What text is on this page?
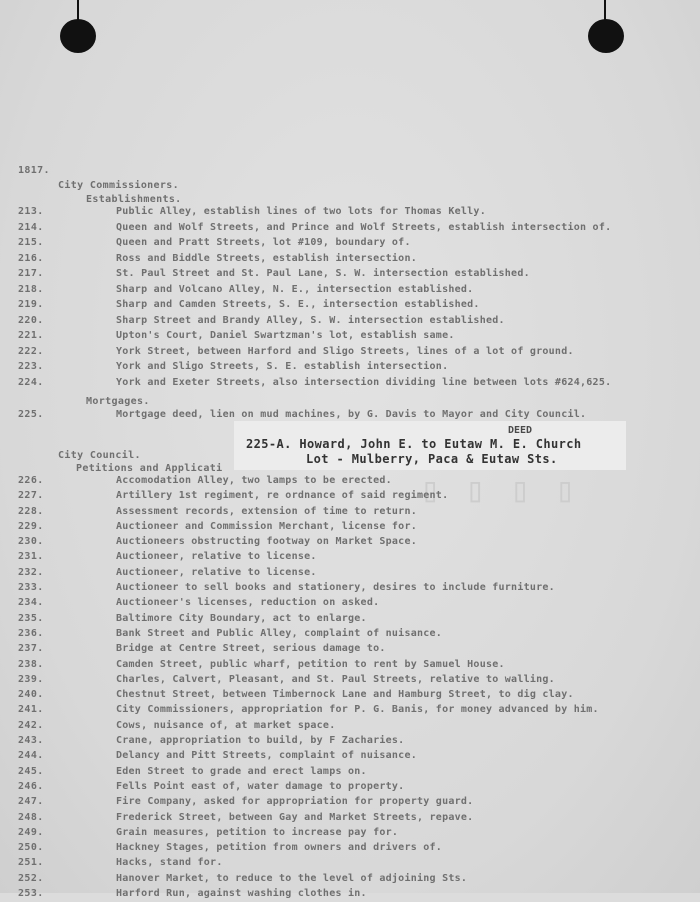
▯ ▯ ▯ ▯
1817.
City Commissioners.
Establishments.
213.	Public Alley, establish lines of two lots for Thomas Kelly.
214.	Queen and Wolf Streets, and Prince and Wolf Streets, establish intersection of.
215.	Queen and Pratt Streets, lot #109, boundary of.
216.	Ross and Biddle Streets, establish intersection.
217.	St. Paul Street and St. Paul Lane, S. W. intersection established.
218.	Sharp and Volcano Alley, N. E., intersection established.
219.	Sharp and Camden Streets, S. E., intersection established.
220.	Sharp Street and Brandy Alley, S. W. intersection established.
221.	Upton's Court, Daniel Swartzman's lot, establish same.
222.	York Street, between Harford and Sligo Streets, lines of a lot of ground.
223.	York and Sligo Streets, S. E. establish intersection.
224.	York and Exeter Streets, also intersection dividing line between lots #624,625.
Mortgages.
225.	Mortgage deed, lien on mud machines, by G. Davis to Mayor and City Council.
City Council.
Petitions and Applicati
DEED
225-A. Howard, John E. to Eutaw M. E. Church
Lot - Mulberry, Paca & Eutaw Sts.
226.	Accomodation Alley, two lamps to be erected.
227.	Artillery 1st regiment, re ordnance of said regiment.
228.	Assessment records, extension of time to return.
229.	Auctioneer and Commission Merchant, license for.
230.	Auctioneers obstructing footway on Market Space.
231.	Auctioneer, relative to license.
232.	Auctioneer, relative to license.
233.	Auctioneer to sell books and stationery, desires to include furniture.
234.	Auctioneer's licenses, reduction on asked.
235.	Baltimore City Boundary, act to enlarge.
236.	Bank Street and Public Alley, complaint of nuisance.
237.	Bridge at Centre Street, serious damage to.
238.	Camden Street, public wharf, petition to rent by Samuel House.
239.	Charles, Calvert, Pleasant, and St. Paul Streets, relative to walling.
240.	Chestnut Street, between Timbernock Lane and Hamburg Street, to dig clay.
241.	City Commissioners, appropriation for P. G. Banis, for money advanced by him.
242.	Cows, nuisance of, at market space.
243.	Crane, appropriation to build, by F Zacharies.
244.	Delancy and Pitt Streets, complaint of nuisance.
245.	Eden Street to grade and erect lamps on.
246.	Fells Point east of, water damage to property.
247.	Fire Company, asked for appropriation for property guard.
248.	Frederick Street, between Gay and Market Streets, repave.
249.	Grain measures, petition to increase pay for.
250.	Hackney Stages, petition from owners and drivers of.
251.	Hacks, stand for.
252.	Hanover Market, to reduce to the level of adjoining Sts.
253.	Harford Run, against washing clothes in.
